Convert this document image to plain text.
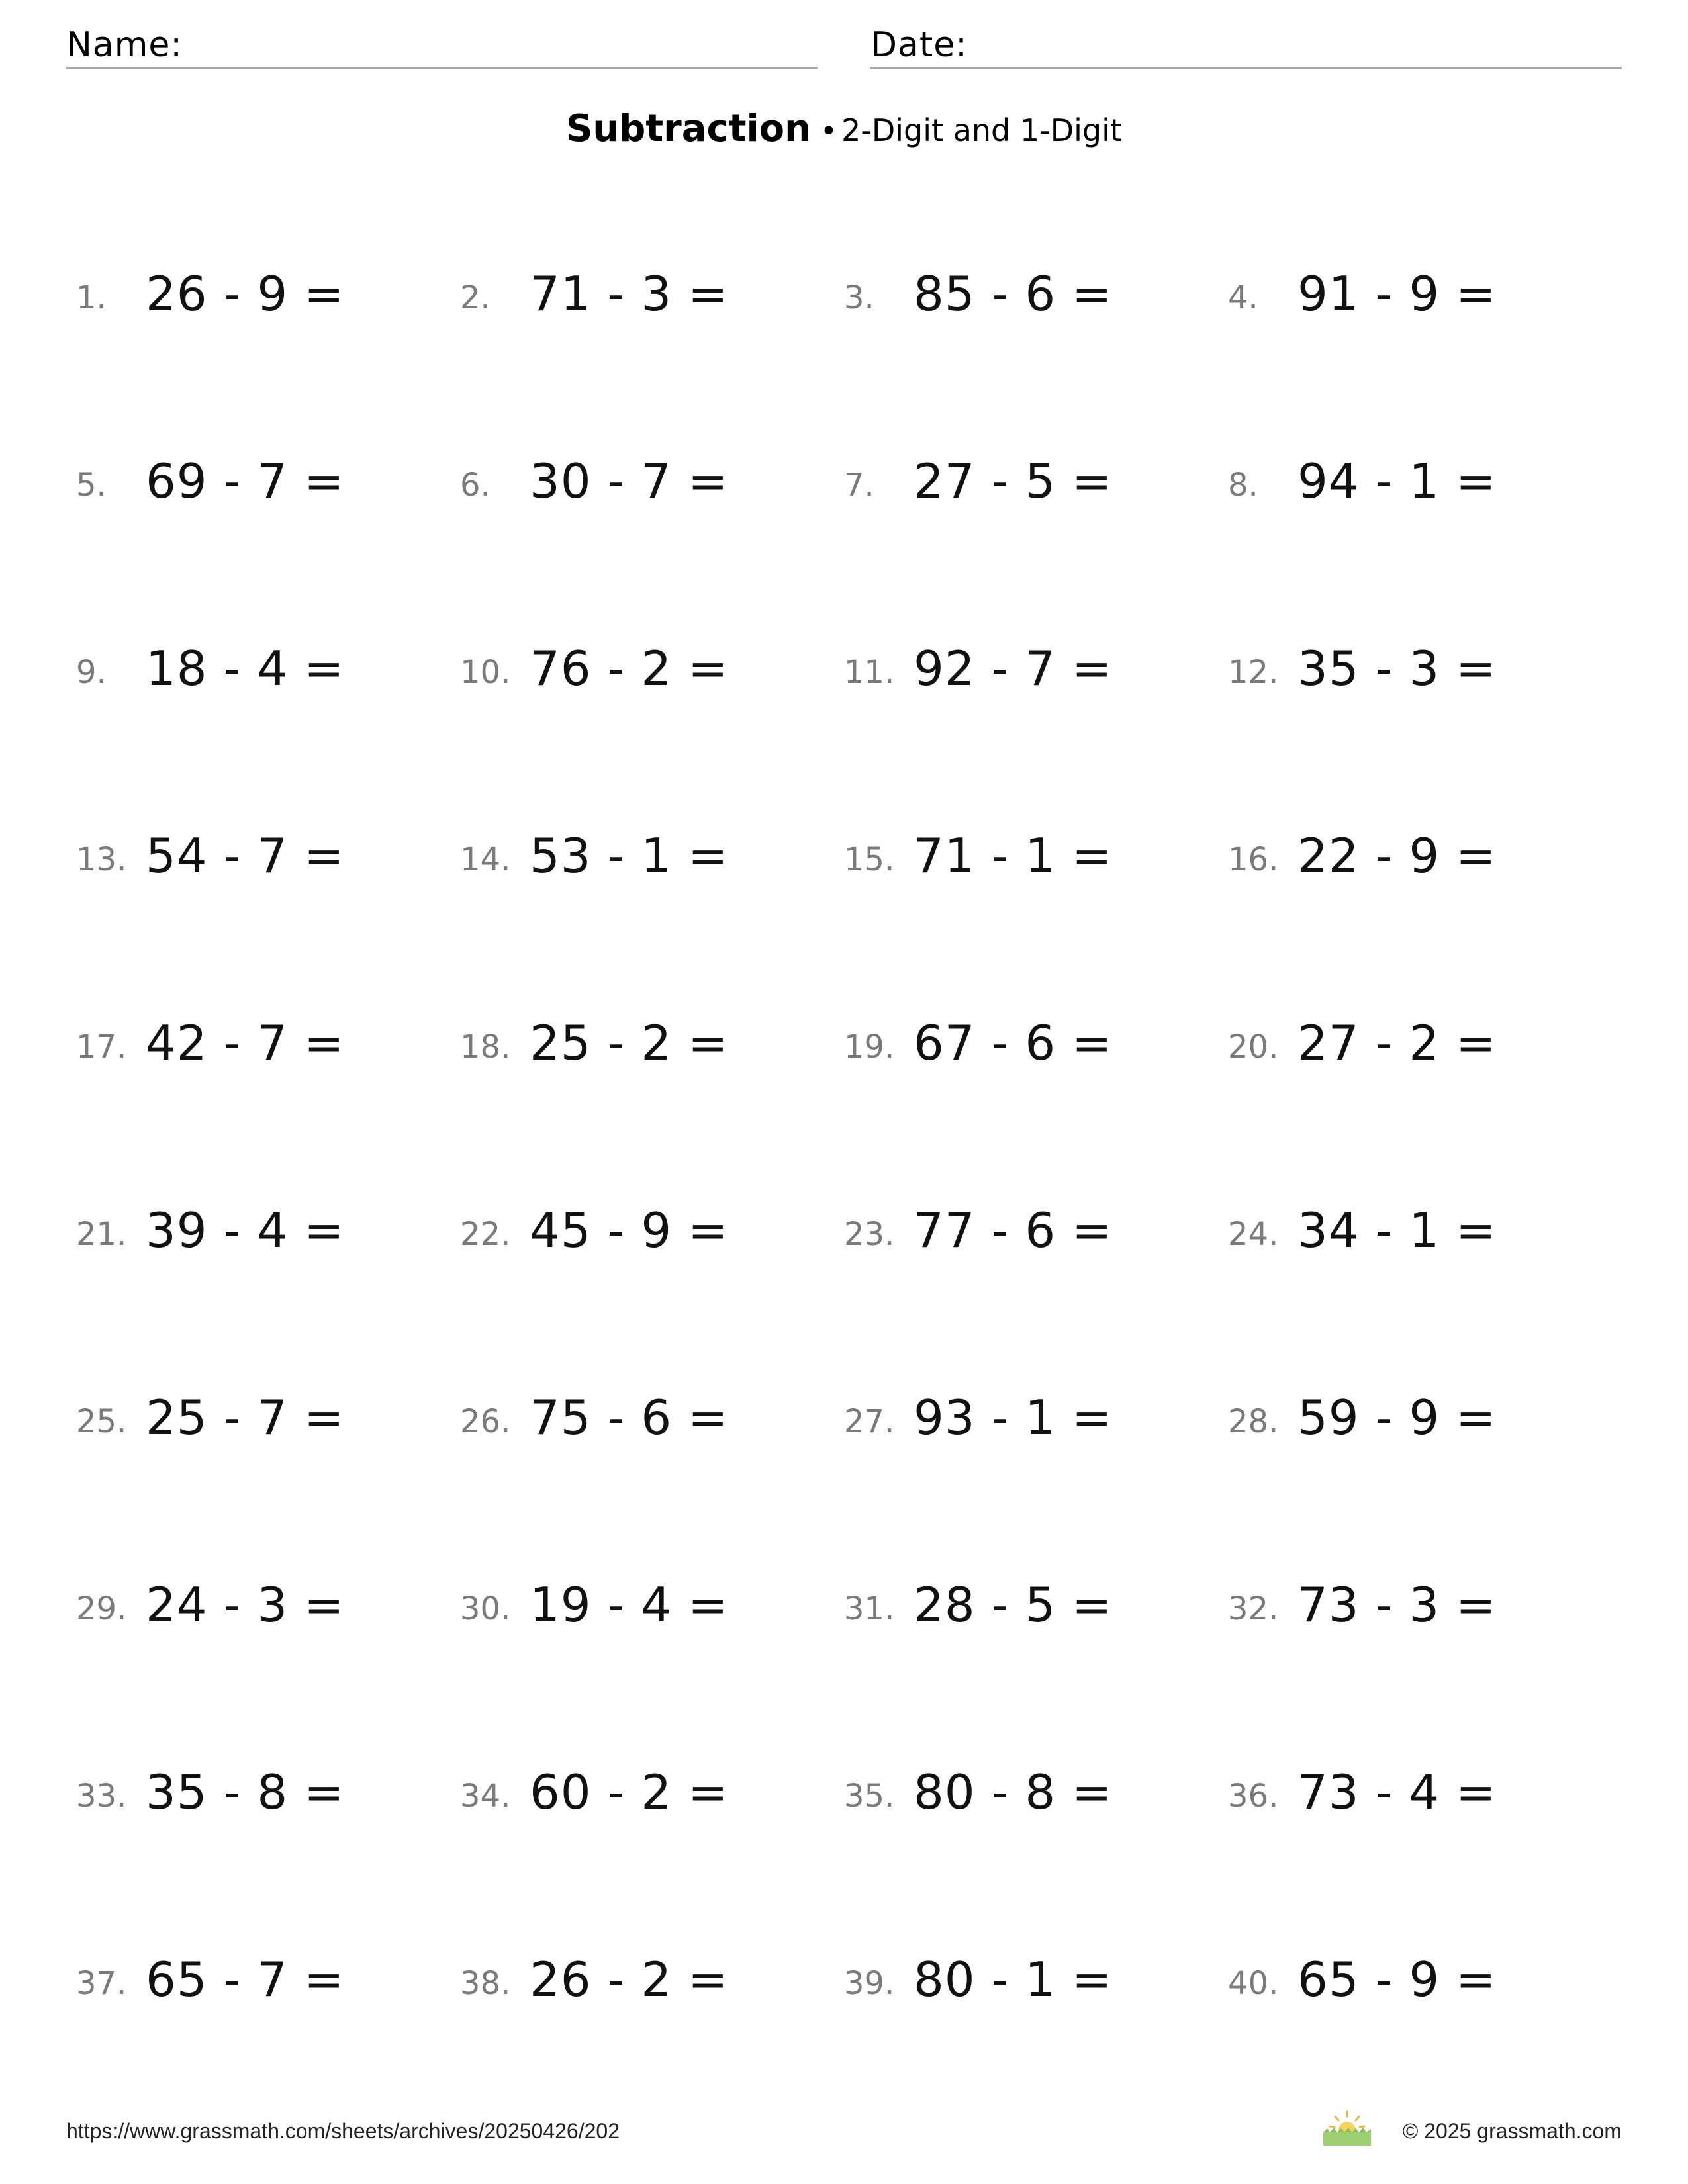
Name:	Date:
Subtraction • 2-Digit and 1-Digit
1. 26 - 9 =	2. 71 - 3 =	3. 85 - 6 =	4. 91 - 9 =
5. 69 - 7 =	6. 30 - 7 =	7. 27 - 5 =	8. 94 - 1 =
9. 18 - 4 =	10. 76 - 2 =	11. 92 - 7 =	12. 35 - 3 =
13. 54 - 7 =	14. 53 - 1 =	15. 71 - 1 =	16. 22 - 9 =
17. 42 - 7 =	18. 25 - 2 =	19. 67 - 6 =	20. 27 - 2 =
21. 39 - 4 =	22. 45 - 9 =	23. 77 - 6 =	24. 34 - 1 =
25. 25 - 7 =	26. 75 - 6 =	27. 93 - 1 =	28. 59 - 9 =
29. 24 - 3 =	30. 19 - 4 =	31. 28 - 5 =	32. 73 - 3 =
33. 35 - 8 =	34. 60 - 2 =	35. 80 - 8 =	36. 73 - 4 =
37. 65 - 7 =	38. 26 - 2 =	39. 80 - 1 =	40. 65 - 9 =
https://www.grassmath.com/sheets/archives/20250426/202	© 2025 grassmath.com
